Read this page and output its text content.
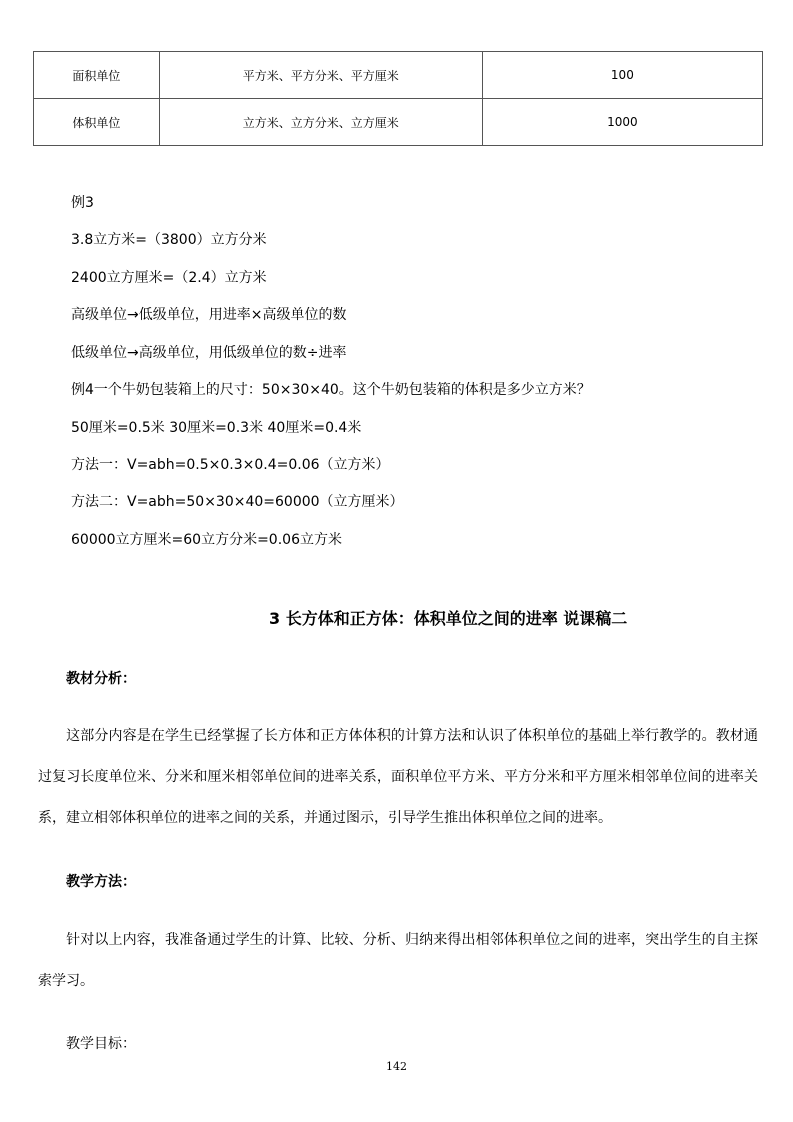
面积单位	平方米、平方分米、平方厘米	100
体积单位	立方米、立方分米、立方厘米	1000
例3
3.8立方米=（3800）立方分米
2400立方厘米=（2.4）立方米
高级单位→低级单位，用进率×高级单位的数
低级单位→高级单位，用低级单位的数÷进率
例4一个牛奶包装箱上的尺寸：50×30×40。这个牛奶包装箱的体积是多少立方米？
50厘米=0.5米 30厘米=0.3米 40厘米=0.4米
方法一：V=abh=0.5×0.3×0.4=0.06（立方米）
方法二：V=abh=50×30×40=60000（立方厘米）
60000立方厘米=60立方分米=0.06立方米
3 长方体和正方体：体积单位之间的进率 说课稿二
教材分析：
这部分内容是在学生已经掌握了长方体和正方体体积的计算方法和认识了体积单位的基础上举行教学的。教材通
过复习长度单位米、分米和厘米相邻单位间的进率关系，面积单位平方米、平方分米和平方厘米相邻单位间的进率关
系，建立相邻体积单位的进率之间的关系，并通过图示，引导学生推出体积单位之间的进率。
教学方法：
针对以上内容，我准备通过学生的计算、比较、分析、归纳来得出相邻体积单位之间的进率，突出学生的自主探
索学习。
教学目标：
142
